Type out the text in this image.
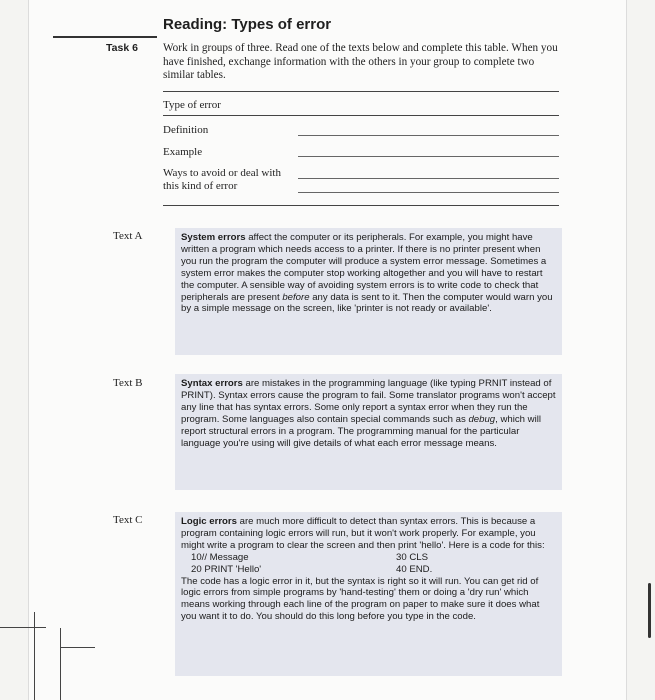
Reading: Types of error
Task 6 Work in groups of three. Read one of the texts below and complete this table. When you have finished, exchange information with the others in your group to complete two similar tables.
Type of error
Definition
Example
Ways to avoid or deal with this kind of error
Text A	System errors affect the computer or its peripherals. For example, you might have written a program which needs access to a printer. If there is no printer present when you run the program the computer will produce a system error message. Sometimes a system error makes the computer stop working altogether and you will have to restart the computer. A sensible way of avoiding system errors is to write code to check that peripherals are present before any data is sent to it. Then the computer would warn you by a simple message on the screen, like 'printer is not ready or available'.
Text B	Syntax errors are mistakes in the programming language (like typing PRNIT instead of PRINT). Syntax errors cause the program to fail. Some translator programs won't accept any line that has syntax errors. Some only report a syntax error when they run the program. Some languages also contain special commands such as debug, which will report structural errors in a program. The programming manual for the particular language you're using will give details of what each error message means.
Text C	Logic errors are much more difficult to detect than syntax errors. This is because a program containing logic errors will run, but it won't work properly. For example, you might write a program to clear the screen and then print 'hello'. Here is a code for this:
10// Message	30 CLS
20 PRINT 'Hello'	40 END.
The code has a logic error in it, but the syntax is right so it will run. You can get rid of logic errors from simple programs by 'hand-testing' them or doing a 'dry run' which means working through each line of the program on paper to make sure it does what you want it to do. You should do this long before you type in the code.
